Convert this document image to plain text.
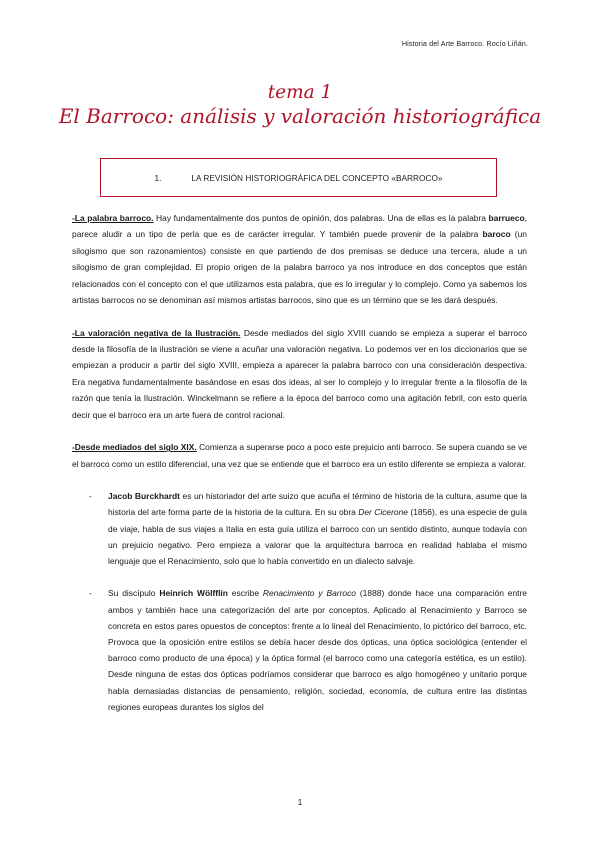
Historia del Arte Barroco. Rocío Liñán.
tema 1
El Barroco: análisis y valoración historiográfica
1.	LA REVISIÓN HISTORIOGRÁFICA DEL CONCEPTO «BARROCO»

-La palabra barroco. Hay fundamentalmente dos puntos de opinión, dos palabras. Una de ellas es la palabra barrueco, parece aludir a un tipo de perla que es de carácter irregular. Y también puede provenir de la palabra baroco (un silogismo que son razonamientos) consiste en que partiendo de dos premisas se deduce una tercera, alude a un silogismo de gran complejidad. El propio origen de la palabra barroco ya nos introduce en dos conceptos que están relacionados con el concepto con el que utilizamos esta palabra, que es lo irregular y lo complejo. Como ya sabemos los artistas barrocos no se denominan así mismos artistas barrocos, sino que es un término que se les dará después.

-La valoración negativa de la Ilustración. Desde mediados del siglo XVIII cuando se empieza a superar el barroco desde la filosofía de la ilustración se viene a acuñar una valoración negativa. Lo podemos ver en los diccionarios que se empiezan a producir a partir del siglo XVIII, empieza a aparecer la palabra barroco con una consideración despectiva. Era negativa fundamentalmente basándose en esas dos ideas, al ser lo complejo y lo irregular frente a la filosofía de la razón que tenía la Ilustración. Winckelmann se refiere a la época del barroco como una agitación febril, con esto quería decir que el barroco era un arte fuera de control racional.

-Desde mediados del siglo XIX. Comienza a superarse poco a poco este prejuicio anti barroco. Se supera cuando se ve el barroco como un estilo diferencial, una vez que se entiende que el barroco era un estilo diferente se empieza a valorar.

- Jacob Burckhardt es un historiador del arte suizo que acuña el término de historia de la cultura, asume que la historia del arte forma parte de la historia de la cultura. En su obra Der Cicerone (1856), es una especie de guía de viaje, habla de sus viajes a Italia en esta guía utiliza el barroco con un sentido distinto, aunque todavía con un prejuicio negativo. Pero empieza a valorar que la arquitectura barroca en realidad hablaba el mismo lenguaje que el Renacimiento, solo que lo había convertido en un dialecto salvaje.
- Su discípulo Heinrich Wölfflin escribe Renacimiento y Barroco (1888) donde hace una comparación entre ambos y también hace una categorización del arte por conceptos. Aplicado al Renacimiento y Barroco se concreta en estos pares opuestos de conceptos: frente a lo lineal del Renacimiento, lo pictórico del barroco, etc. Provoca que la oposición entre estilos se debía hacer desde dos ópticas, una óptica sociológica (entender el barroco como producto de una época) y la óptica formal (el barroco como una categoría estética, es un estilo). Desde ninguna de estas dos ópticas podríamos considerar que barroco es algo homogéneo y unitario porque había demasiadas distancias de pensamiento, religión, sociedad, economía, de cultura entre las distintas regiones europeas durantes los siglos del
1
